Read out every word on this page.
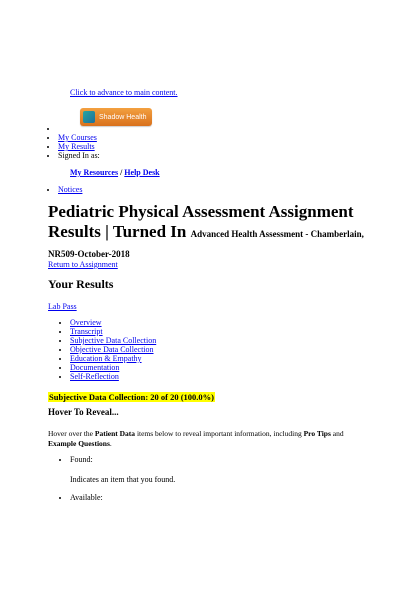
Click to advance to main content.
Shadow Health
•
• My Courses
• My Results
• Signed In as:
My Resources / Help Desk
• Notices
Pediatric Physical Assessment Assignment Results | Turned In Advanced Health Assessment - Chamberlain, NR509-October-2018
Return to Assignment
Your Results
Lab Pass
• Overview
• Transcript
• Subjective Data Collection
• Objective Data Collection
• Education & Empathy
• Documentation
• Self-Reflection
Subjective Data Collection: 20 of 20 (100.0%)
Hover To Reveal...

Hover over the Patient Data items below to reveal important information, including Pro Tips and Example Questions.

• Found:
Indicates an item that you found.
• Available:
